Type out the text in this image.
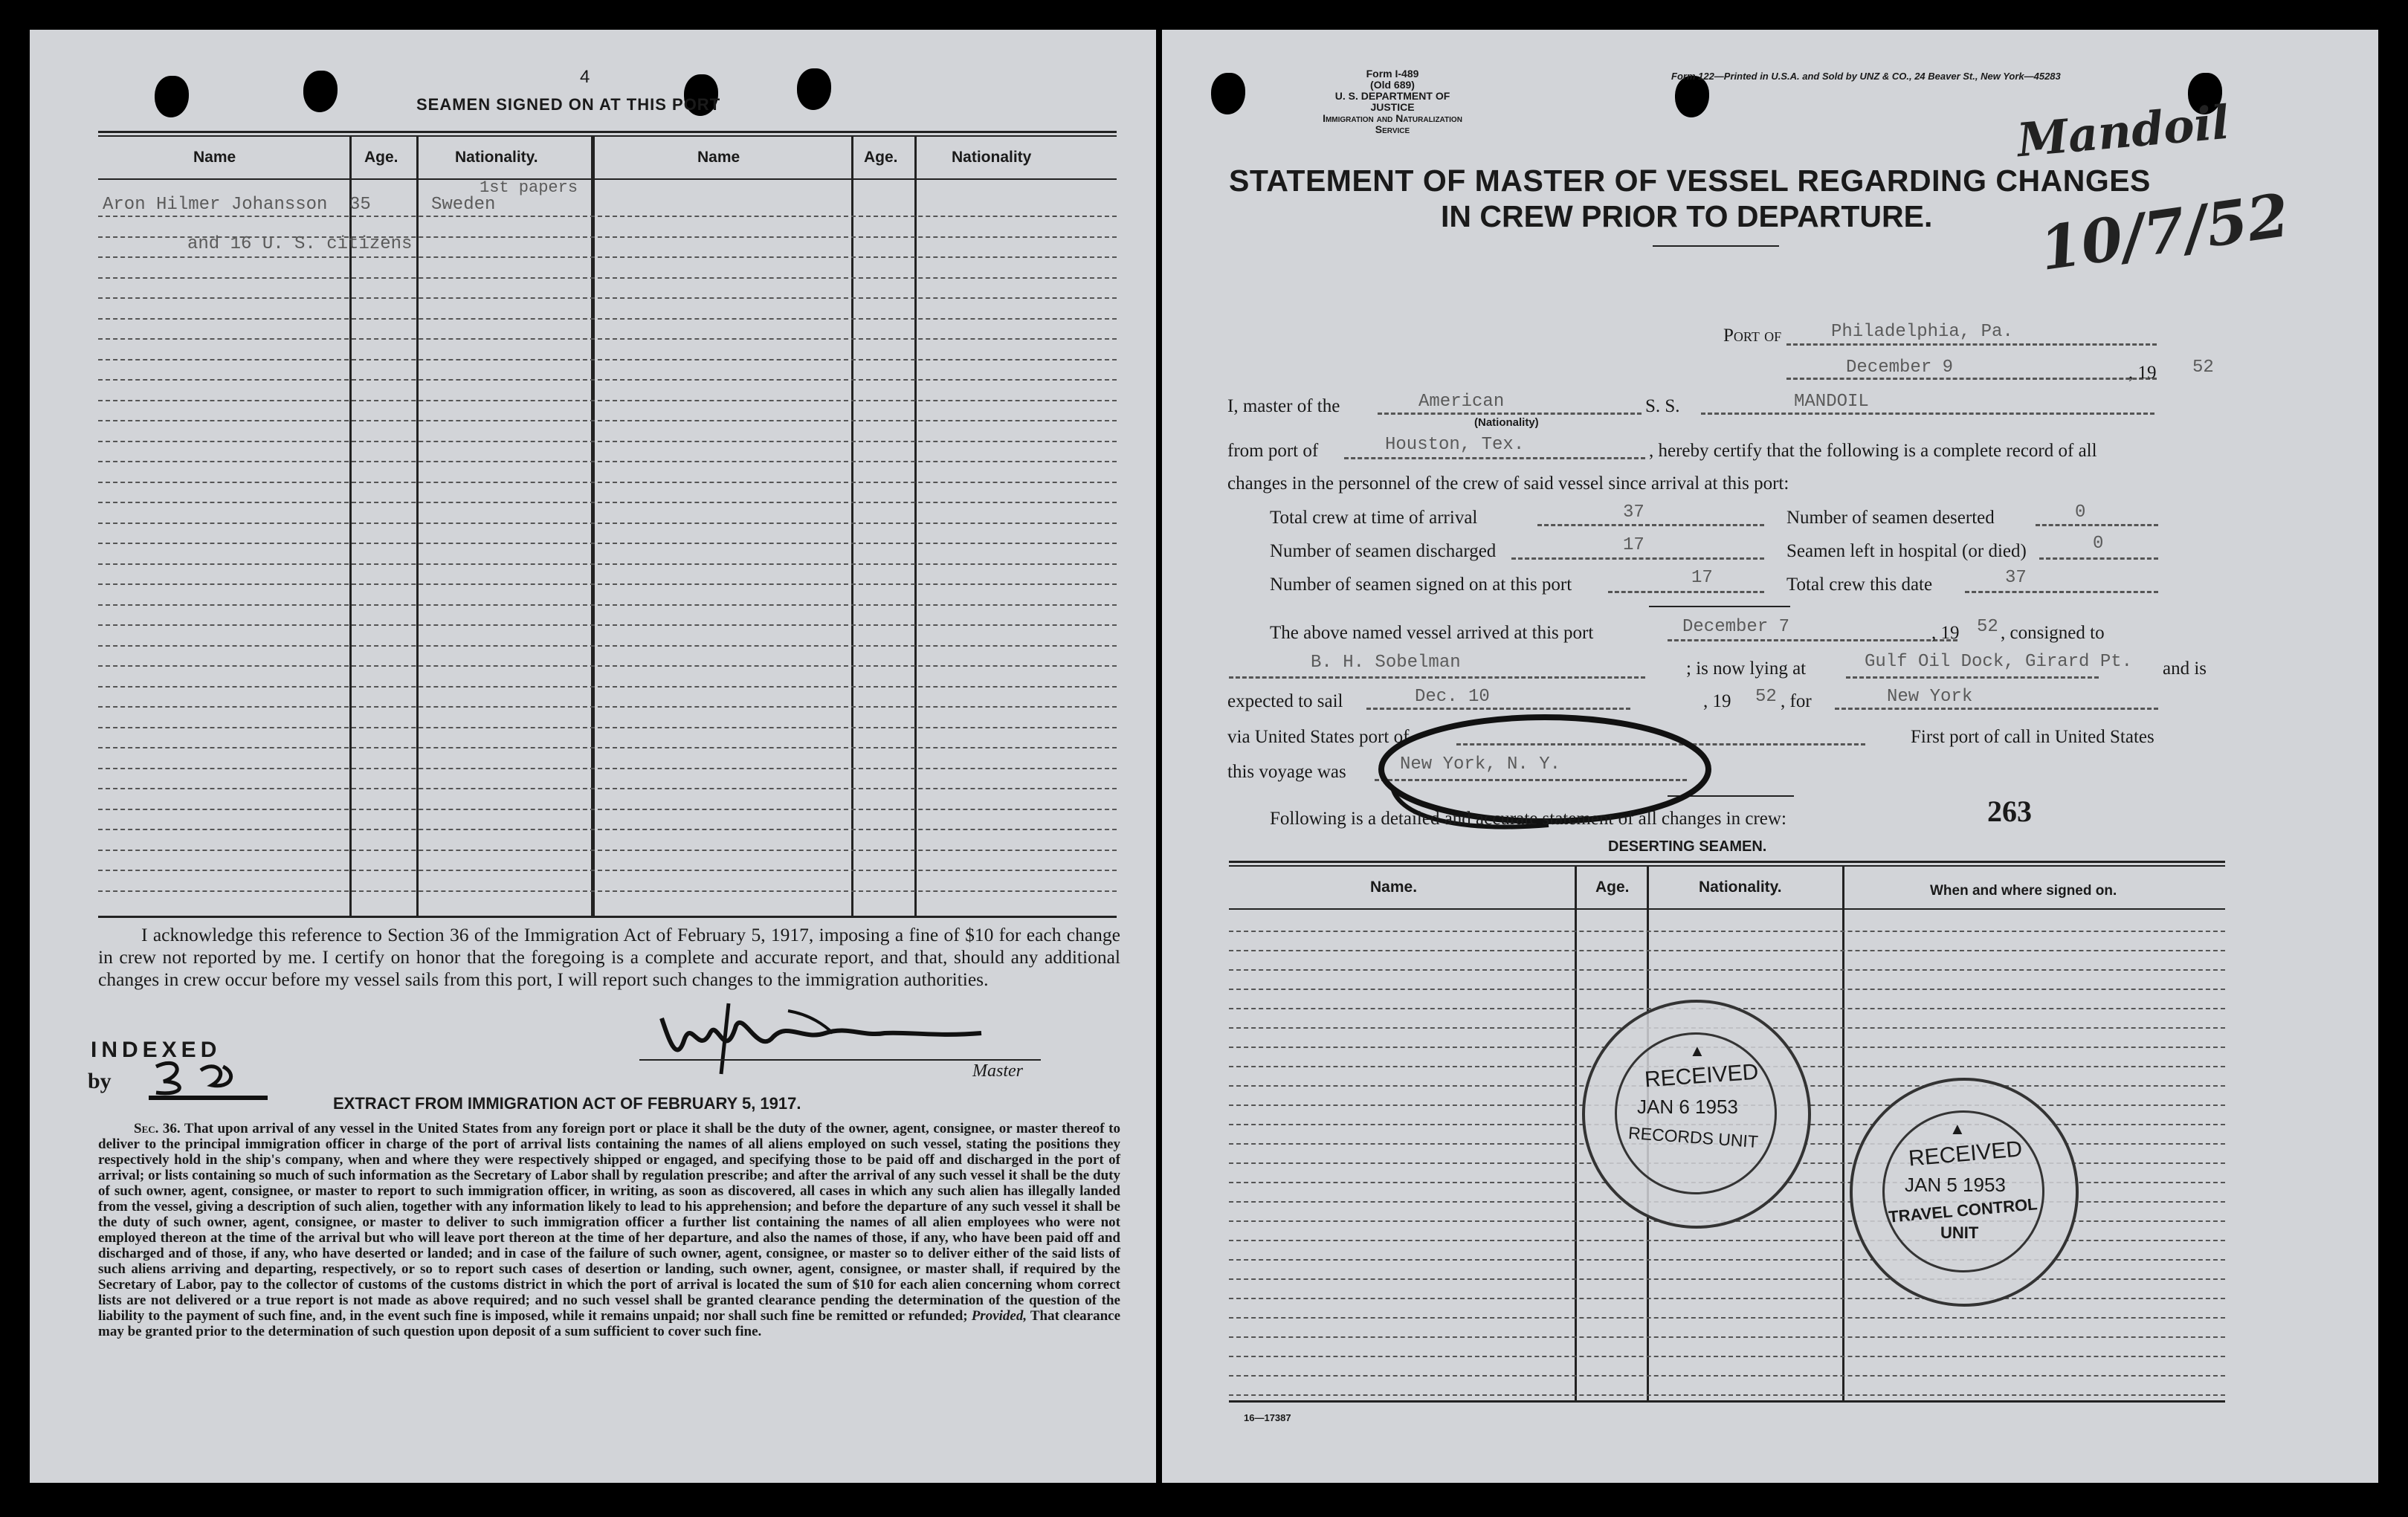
4
SEAMEN SIGNED ON AT THIS PORT
Name	Age.	Nationality.	Name	Age.	Nationality
Aron Hilmer Johansson 35	Sweden
1st papers
and 16 U. S. citizens
I acknowledge this reference to Section 36 of the Immigration Act of February 5, 1917, imposing a fine of $10 for each change in crew not reported by me. I certify on honor that the foregoing is a complete and accurate report, and that, should any additional changes in crew occur before my vessel sails from this port, I will report such changes to the immigration authorities.
Master
INDEXED
by
EXTRACT FROM IMMIGRATION ACT OF FEBRUARY 5, 1917.
Sec. 36. That upon arrival of any vessel in the United States from any foreign port or place it shall be the duty of the owner, agent, consignee, or master thereof to deliver to the principal immigration officer in charge of the port of arrival lists containing the names of all aliens employed on such vessel, stating the positions they respectively hold in the ship's company, when and where they were respectively shipped or engaged, and specifying those to be paid off and discharged in the port of arrival; or lists containing so much of such information as the Secretary of Labor shall by regulation prescribe; and after the arrival of any such vessel it shall be the duty of such owner, agent, consignee, or master to report to such immigration officer, in writing, as soon as discovered, all cases in which any such alien has illegally landed from the vessel, giving a description of such alien, together with any information likely to lead to his apprehension; and before the departure of any such vessel it shall be the duty of such owner, agent, consignee, or master to deliver to such immigration officer a further list containing the names of all alien employees who were not employed thereon at the time of the arrival but who will leave port thereon at the time of her departure, and also the names of those, if any, who have been paid off and discharged and of those, if any, who have deserted or landed; and in case of the failure of such owner, agent, consignee, or master so to deliver either of the said lists of such aliens arriving and departing, respectively, or so to report such cases of desertion or landing, such owner, agent, consignee, or master shall, if required by the Secretary of Labor, pay to the collector of customs of the customs district in which the port of arrival is located the sum of $10 for each alien concerning whom correct lists are not delivered or a true report is not made as above required; and no such vessel shall be granted clearance pending the determination of the question of the liability to the payment of such fine, and, in the event such fine is imposed, while it remains unpaid; nor shall such fine be remitted or refunded; Provided, That clearance may be granted prior to the determination of such question upon deposit of a sum sufficient to cover such fine.
Form I-489
(Old 689)
U. S. DEPARTMENT OF JUSTICE
Immigration and Naturalization Service
Form 122—Printed in U.S.A. and Sold by UNZ & CO., 24 Beaver St., New York—45283
Mandoil
10/7/52
STATEMENT OF MASTER OF VESSEL REGARDING CHANGES
IN CREW PRIOR TO DEPARTURE.
Port of	Philadelphia, Pa.
December 9	, 19 52
I, master of the	American
(Nationality)
S. S.	MANDOIL
from port of	Houston, Tex.	, hereby certify that the following is a complete record of all
changes in the personnel of the crew of said vessel since arrival at this port:
Total crew at time of arrival	37
Number of seamen discharged	17
Number of seamen signed on at this port	17
Number of seamen deserted	0
Seamen left in hospital (or died)	0
Total crew this date	37
The above named vessel arrived at this port	December 7	, 19 52 , consigned to
B. H. Sobelman	; is now lying at	Gulf Oil Dock, Girard Pt. and is
expected to sail	Dec. 10	, 19 52 , for	New York
via United States port of	First port of call in United States
this voyage was	New York, N. Y.
Following is a detailed and accurate statement of all changes in crew:	263
DESERTING SEAMEN.
Name.	Age.	Nationality.	When and where signed on.
16—17387
▲
RECEIVED
JAN 6 1953
RECORDS UNIT	▲
RECEIVED
JAN 5 1953
TRAVEL CONTROL
UNIT
